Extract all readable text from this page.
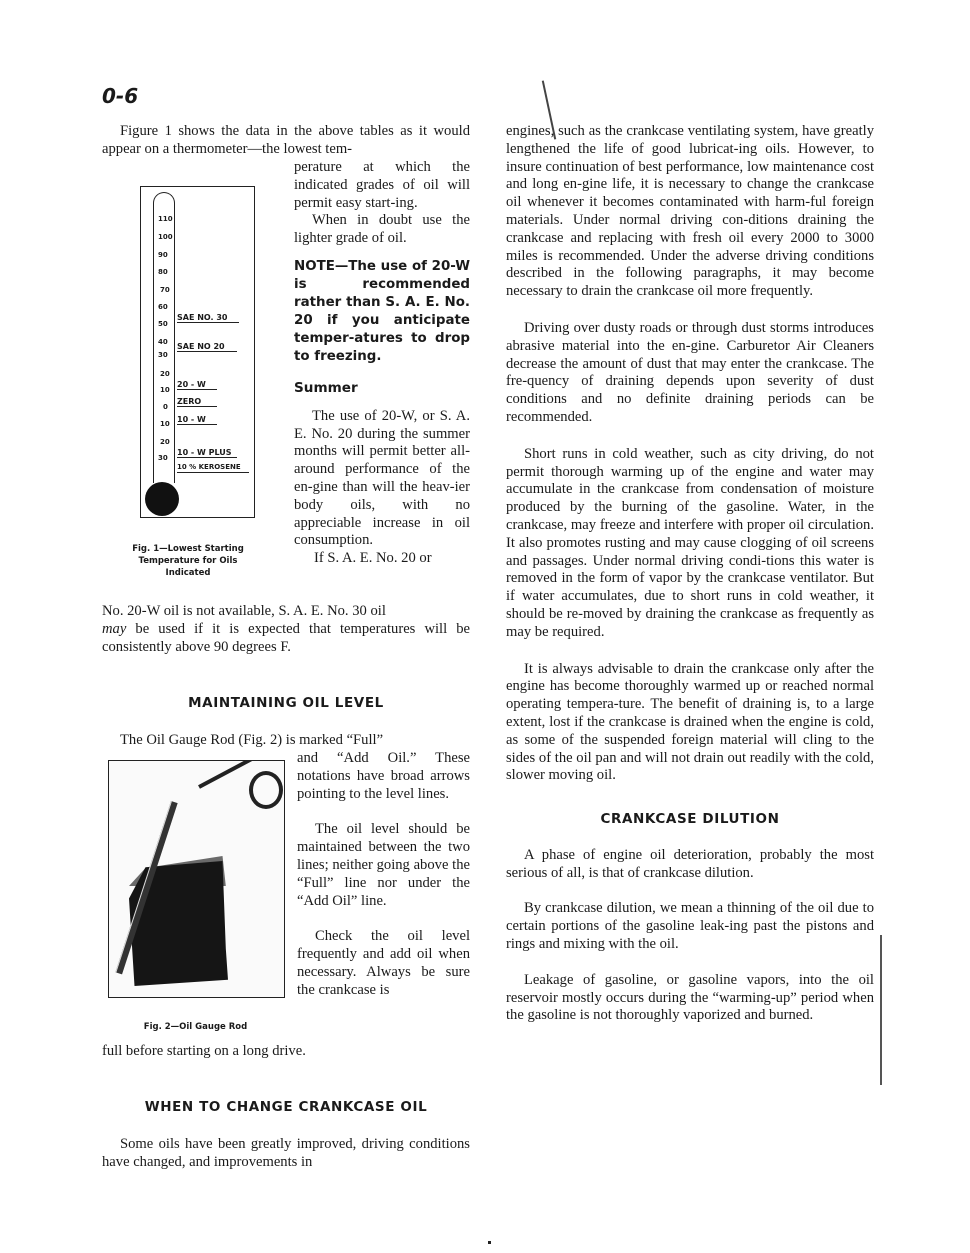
0-6

Figure 1 shows the data in the above tables as it would appear on a thermometer—the lowest tem-

110
100
90
80
70
60
50
40
30
20
10
0
10
20
30
SAE NO. 30
SAE NO 20
20 - W
ZERO
10 - W
10 - W PLUS
10 % KEROSENE
Fig. 1—Lowest Starting Temperature for Oils Indicated

perature at which the indicated grades of oil will permit easy start-ing.

When in doubt use the lighter grade of oil.

NOTE—The use of 20-W is recommended rather than S. A. E. No. 20 if you anticipate temper-atures to drop to freezing.
Summer

The use of 20-W, or S. A. E. No. 20 during the summer months will permit better all-around performance of the en-gine than will the heav-ier body oils, with no appreciable increase in oil consumption.

If S. A. E. No. 20 or

No. 20-W oil is not available, S. A. E. No. 30 oil

may be used if it is expected that temperatures will be consistently above 90 degrees F.

MAINTAINING OIL LEVEL

The Oil Gauge Rod (Fig. 2) is marked “Full”

Fig. 2—Oil Gauge Rod

and “Add Oil.” These notations have broad arrows pointing to the level lines.

The oil level should be maintained between the two lines; neither going above the “Full” line nor under the “Add Oil” line.

Check the oil level frequently and add oil when necessary. Always be sure the crankcase is

full before starting on a long drive.

WHEN TO CHANGE CRANKCASE OIL

Some oils have been greatly improved, driving conditions have changed, and improvements in

engines, such as the crankcase ventilating system, have greatly lengthened the life of good lubricat-ing oils. However, to insure continuation of best performance, low maintenance cost and long en-gine life, it is necessary to change the crankcase oil whenever it becomes contaminated with harm-ful foreign materials. Under normal driving con-ditions draining the crankcase and replacing with fresh oil every 2000 to 3000 miles is recommended. Under the adverse driving conditions described in the following paragraphs, it may become necessary to drain the crankcase oil more frequently.

Driving over dusty roads or through dust storms introduces abrasive material into the en-gine. Carburetor Air Cleaners decrease the amount of dust that may enter the crankcase. The fre-quency of draining depends upon severity of dust conditions and no definite draining periods can be recommended.

Short runs in cold weather, such as city driving, do not permit thorough warming up of the engine and water may accumulate in the crankcase from condensation of moisture produced by the burning of the gasoline. Water, in the crankcase, may freeze and interfere with proper oil circulation. It also promotes rusting and may cause clogging of oil screens and passages. Under normal driving condi-tions this water is removed in the form of vapor by the crankcase ventilator. But if water accumulates, due to short runs in cold weather, it should be re-moved by draining the crankcase as frequently as may be required.

It is always advisable to drain the crankcase only after the engine has become thoroughly warmed up or reached normal operating tempera-ture. The benefit of draining is, to a large extent, lost if the crankcase is drained when the engine is cold, as some of the suspended foreign material will cling to the sides of the oil pan and will not drain out readily with the cold, slower moving oil.

CRANKCASE DILUTION

A phase of engine oil deterioration, probably the most serious of all, is that of crankcase dilution.

By crankcase dilution, we mean a thinning of the oil due to certain portions of the gasoline leak-ing past the pistons and rings and mixing with the oil.

Leakage of gasoline, or gasoline vapors, into the oil reservoir mostly occurs during the “warming-up” period when the gasoline is not thoroughly vaporized and burned.
